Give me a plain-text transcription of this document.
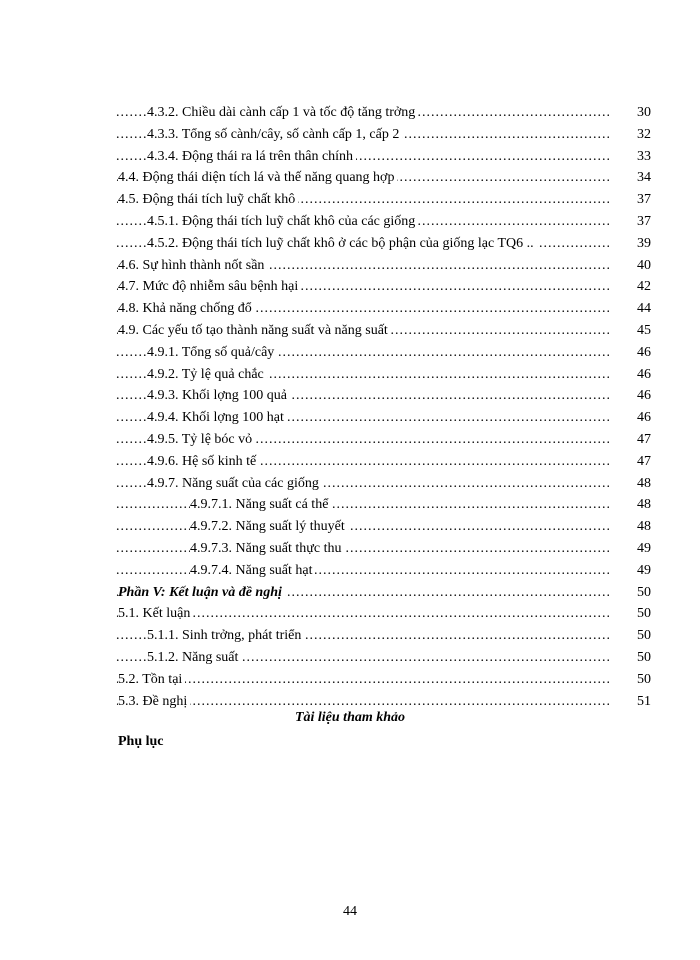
.....
4.3.2. Chiều dài cành cấp 1 và tốc độ tăng trởng	30
.....
4.3.3. Tổng số cành/cây, số cành cấp 1, cấp 2	32
.....
4.3.4. Động thái ra lá trên thân chính	33
.....
4.4. Động thái diện tích lá và thế năng quang hợp	34
.....
4.5. Động thái tích luỹ chất khô	37
.....
4.5.1. Động thái tích luỹ chất khô của các giống	37
.....
4.5.2. Động thái tích luỹ chất khô ở các bộ phận của giống lạc TQ6 ..	39
.....
4.6. Sự hình thành nốt sần	40
.....
4.7. Mức độ nhiễm sâu bệnh hại	42
.....
4.8. Khả năng chống đổ	44
.....
4.9. Các yếu tố tạo thành năng suất và năng suất	45
.....
4.9.1. Tổng số quả/cây	46
.....
4.9.2. Tỷ lệ quả chắc	46
.....
4.9.3. Khối lợng 100 quả	46
.....
4.9.4. Khối lợng 100 hạt	46
.....
4.9.5. Tỷ lệ bóc vỏ	47
.....
4.9.6. Hệ số kinh tế	47
.....
4.9.7. Năng suất của các giống	48
.....
4.9.7.1. Năng suất cá thể	48
.....
4.9.7.2. Năng suất lý thuyết	48
.....
4.9.7.3. Năng suất thực thu	49
.....
4.9.7.4. Năng suất hạt	49
.....
Phần V: Kết luận và đề nghị	50
.....
5.1. Kết luận	50
.....
5.1.1. Sinh trởng, phát triển	50
.....
5.1.2. Năng suất	50
.....
5.2. Tồn tại	50
.....
5.3. Đề nghị	51
Tài liệu tham khảo
Phụ lục
44
